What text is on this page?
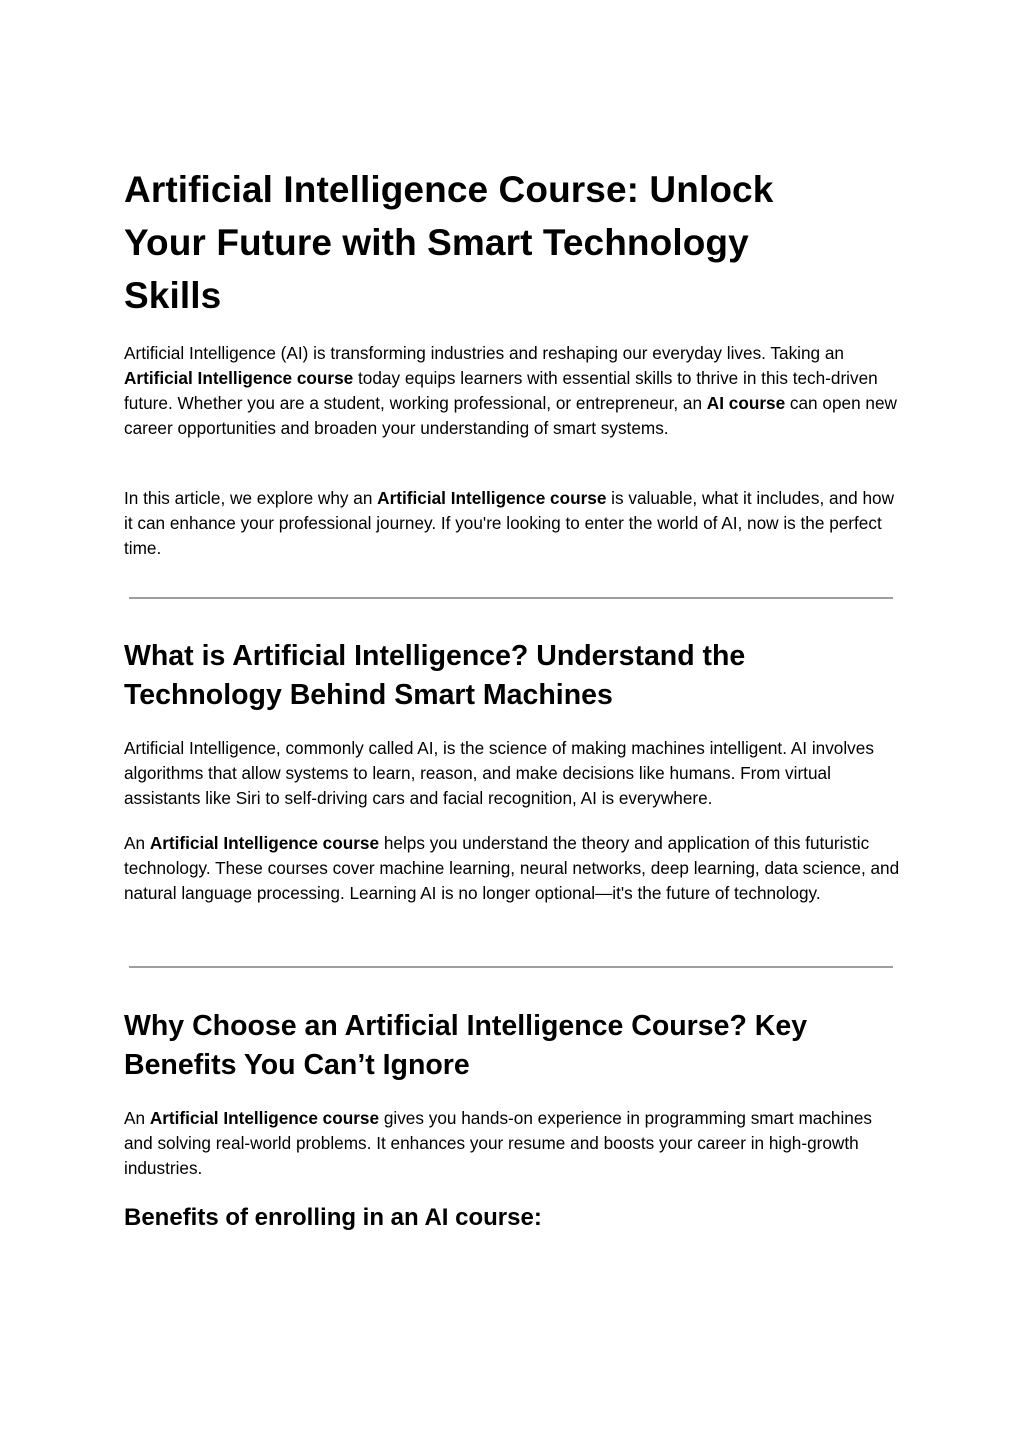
Artificial Intelligence Course: Unlock Your Future with Smart Technology Skills

Artificial Intelligence (AI) is transforming industries and reshaping our everyday lives. Taking an Artificial Intelligence course today equips learners with essential skills to thrive in this tech-driven future. Whether you are a student, working professional, or entrepreneur, an AI course can open new career opportunities and broaden your understanding of smart systems.

In this article, we explore why an Artificial Intelligence course is valuable, what it includes, and how it can enhance your professional journey. If you're looking to enter the world of AI, now is the perfect time.

What is Artificial Intelligence? Understand the Technology Behind Smart Machines

Artificial Intelligence, commonly called AI, is the science of making machines intelligent. AI involves algorithms that allow systems to learn, reason, and make decisions like humans. From virtual assistants like Siri to self-driving cars and facial recognition, AI is everywhere.

An Artificial Intelligence course helps you understand the theory and application of this futuristic technology. These courses cover machine learning, neural networks, deep learning, data science, and natural language processing. Learning AI is no longer optional—it's the future of technology.

Why Choose an Artificial Intelligence Course? Key Benefits You Can’t Ignore

An Artificial Intelligence course gives you hands-on experience in programming smart machines and solving real-world problems. It enhances your resume and boosts your career in high-growth industries.

Benefits of enrolling in an AI course:
